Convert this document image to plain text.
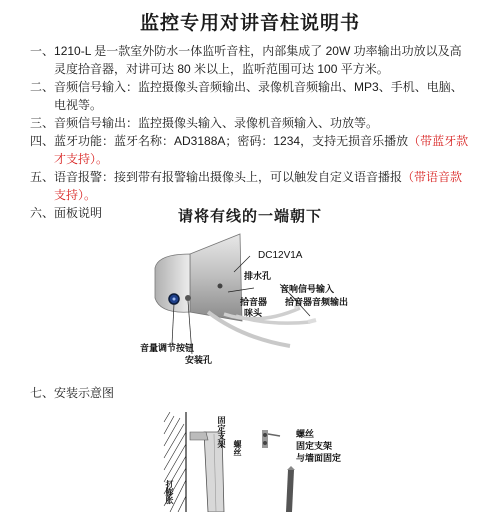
监控专用对讲音柱说明书
一、 1210-L 是一款室外防水一体监听音柱，内部集成了 20W 功率输出功放以及高灵度拾音器，对讲可达 80 米以上，监听范围可达 100 平方米。
二、 音频信号输入：监控摄像头音频输出、录像机音频输出、MP3、手机、电脑、电视等。
三、 音频信号输出：监控摄像头输入、录像机音频输入、功放等。
四、 蓝牙功能：蓝牙名称：AD3188A；密码：1234，支持无损音乐播放（带蓝牙款才支持）。
五、 语音报警：接到带有报警输出摄像头上，可以触发自定义语音播报（带语音款支持）。
六、 面板说明	请将有线的一端朝下
DC12V1A
排水孔
音响信号输入
拾音器 拾音器音频输出
咪头
音量调节按钮
安装孔
七、安装示意图
固定支架 螺丝
螺丝
固定支架
与墙面固定
打膨胀
